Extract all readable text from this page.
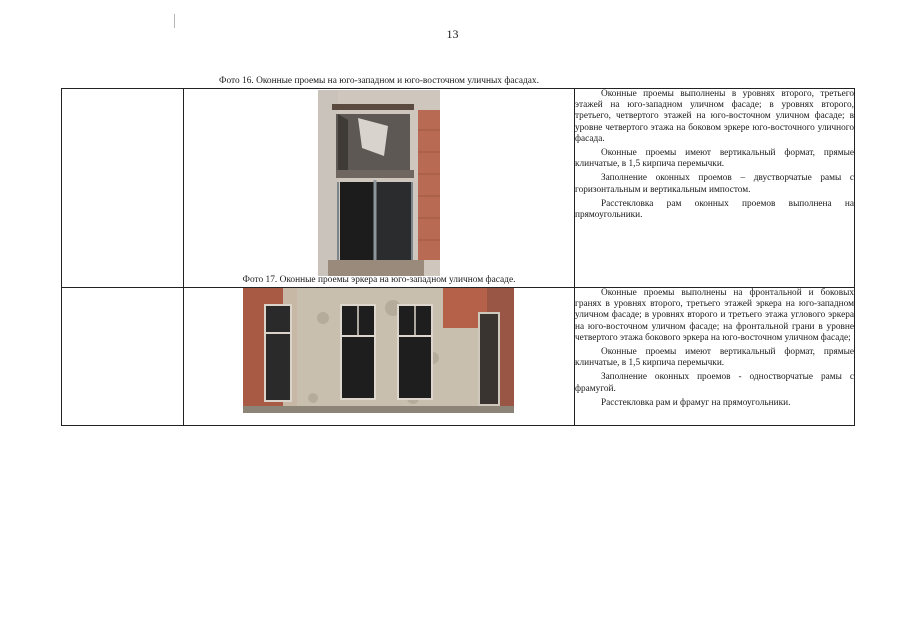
13

	Фото 16. Оконные проемы на юго-западном и юго-восточном уличных фасадах.	Оконные проемы выполнены в уровнях второго, третьего этажей на юго-западном уличном фасаде; в уровнях второго, третьего, четвертого этажей на юго-восточном уличном фасаде; в уровне четвертого этажа на боковом эркере юго-восточного уличного фасада.

Оконные проемы имеют вертикальный формат, прямые клинчатые, в 1,5 кирпича перемычки.

Заполнение оконных проемов – двустворчатые рамы с горизонтальным и вертикальным импостом.

Расстекловка рам оконных проемов выполнена на прямоугольники.

	Фото 17. Оконные проемы эркера на юго-западном уличном фасаде.	Оконные проемы выполнены на фронтальной и боковых гранях в уровнях второго, третьего этажей эркера на юго-западном уличном фасаде; в уровнях второго и третьего этажа углового эркера на юго-восточном уличном фасаде; на фронтальной грани в уровне четвертого этажа бокового эркера на юго-восточном уличном фасаде;

Оконные проемы имеют вертикальный формат, прямые клинчатые, в 1,5 кирпича перемычки.

Заполнение оконных проемов - одностворчатые рамы с фрамугой.

Расстекловка рам и фрамуг на прямоугольники.
